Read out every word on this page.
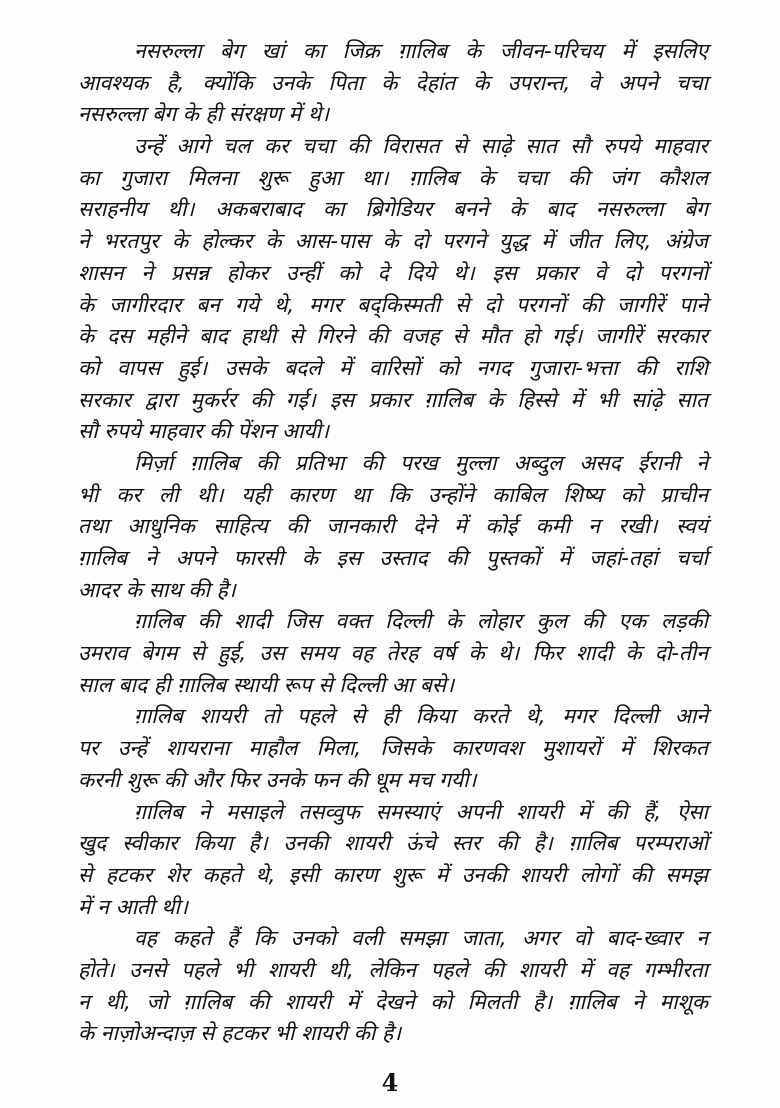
नसरुल्ला बेग खां का जिक्र ग़ालिब के जीवन-परिचय में इसलिए
आवश्यक है, क्योंकि उनके पिता के देहांत के उपरान्त, वे अपने चचा
नसरुल्ला बेग के ही संरक्षण में थे।
उन्हें आगे चल कर चचा की विरासत से साढ़े सात सौ रुपये माहवार
का गुजारा मिलना शुरू हुआ था। ग़ालिब के चचा की जंग कौशल
सराहनीय थी। अकबराबाद का ब्रिगेडियर बनने के बाद नसरुल्ला बेग
ने भरतपुर के होल्कर के आस-पास के दो परगने युद्ध में जीत लिए, अंग्रेज
शासन ने प्रसन्न होकर उन्हीं को दे दिये थे। इस प्रकार वे दो परगनों
के जागीरदार बन गये थे, मगर बद्किस्मती से दो परगनों की जागीरें पाने
के दस महीने बाद हाथी से गिरने की वजह से मौत हो गई। जागीरें सरकार
को वापस हुई। उसके बदले में वारिसों को नगद गुजारा-भत्ता की राशि
सरकार द्वारा मुकर्रर की गई। इस प्रकार ग़ालिब के हिस्से में भी सांढ़े सात
सौ रुपये माहवार की पेंशन आयी।
मिर्ज़ा ग़ालिब की प्रतिभा की परख मुल्ला अब्दुल असद ईरानी ने
भी कर ली थी। यही कारण था कि उन्होंने काबिल शिष्य को प्राचीन
तथा आधुनिक साहित्य की जानकारी देने में कोई कमी न रखी। स्वयं
ग़ालिब ने अपने फारसी के इस उस्ताद की पुस्तकों में जहां-तहां चर्चा
आदर के साथ की है।
ग़ालिब की शादी जिस वक्त दिल्ली के लोहार कुल की एक लड़की
उमराव बेगम से हुई, उस समय वह तेरह वर्ष के थे। फिर शादी के दो-तीन
साल बाद ही ग़ालिब स्थायी रूप से दिल्ली आ बसे।
ग़ालिब शायरी तो पहले से ही किया करते थे, मगर दिल्ली आने
पर उन्हें शायराना माहौल मिला, जिसके कारणवश मुशायरों में शिरकत
करनी शुरू की और फिर उनके फन की धूम मच गयी।
ग़ालिब ने मसाइले तसव्वुफ समस्याएं अपनी शायरी में की हैं, ऐसा
खुद स्वीकार किया है। उनकी शायरी ऊंचे स्तर की है। ग़ालिब परम्पराओं
से हटकर शेर कहते थे, इसी कारण शुरू में उनकी शायरी लोगों की समझ
में न आती थी।
वह कहते हैं कि उनको वली समझा जाता, अगर वो बाद-ख्वार न
होते। उनसे पहले भी शायरी थी, लेकिन पहले की शायरी में वह गम्भीरता
न थी, जो ग़ालिब की शायरी में देखने को मिलती है। ग़ालिब ने माशूक
के नाज़ोअन्दाज़ से हटकर भी शायरी की है।
4
